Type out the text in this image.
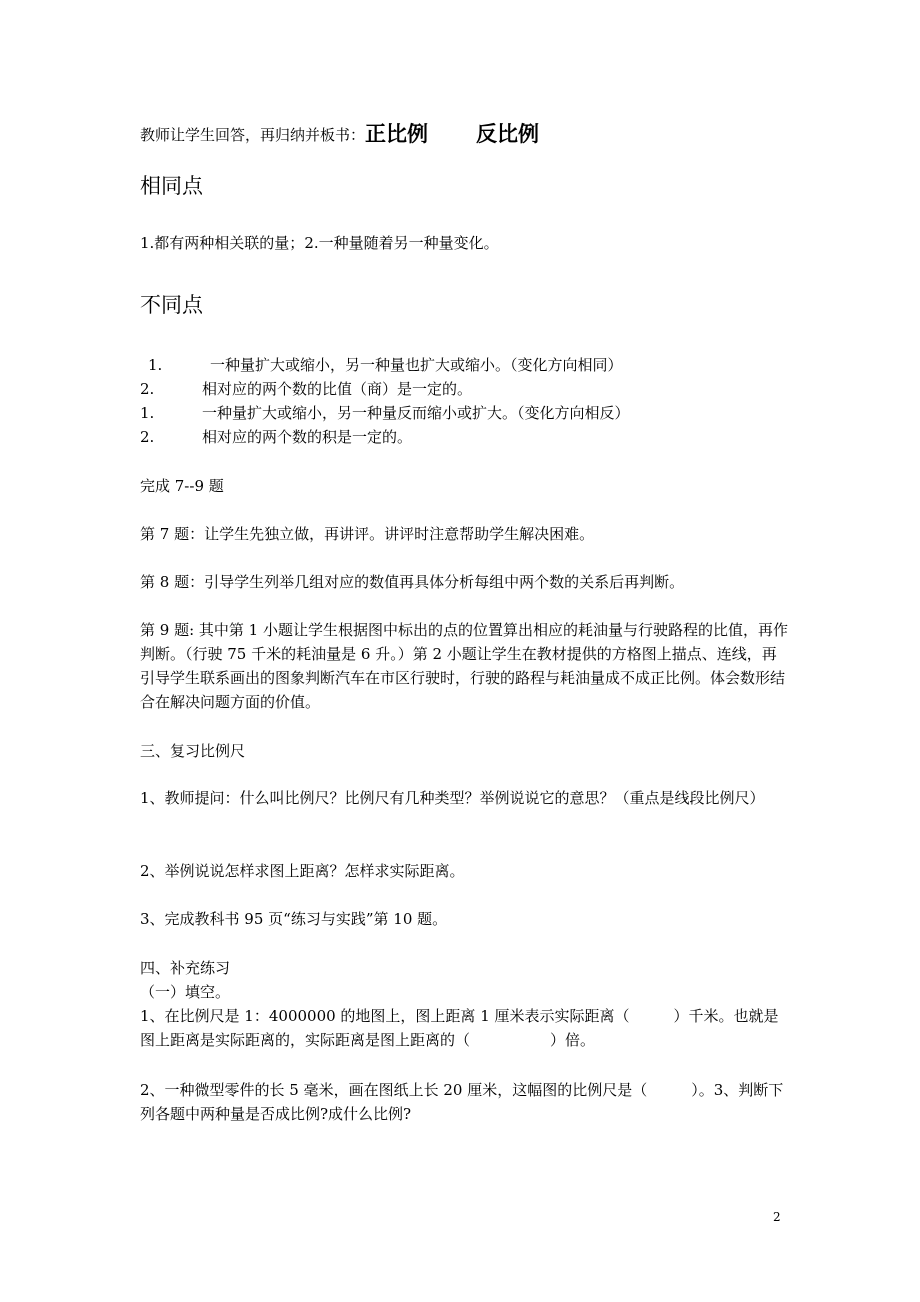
教师让学生回答，再归纳并板书：正比例 反比例
相同点
1.都有两种相关联的量；2.一种量随着另一种量变化。
不同点
1.	一种量扩大或缩小，另一种量也扩大或缩小。（变化方向相同）
2.	相对应的两个数的比值（商）是一定的。
1.	一种量扩大或缩小，另一种量反而缩小或扩大。（变化方向相反）
2.	相对应的两个数的积是一定的。
完成 7--9 题
第 7 题：让学生先独立做，再讲评。讲评时注意帮助学生解决困难。
第 8 题：引导学生列举几组对应的数值再具体分析每组中两个数的关系后再判断。
第 9 题: 其中第 1 小题让学生根据图中标出的点的位置算出相应的耗油量与行驶路程的比值，再作判断。（行驶 75 千米的耗油量是 6 升。）第 2 小题让学生在教材提供的方格图上描点、连线，再引导学生联系画出的图象判断汽车在市区行驶时，行驶的路程与耗油量成不成正比例。体会数形结合在解决问题方面的价值。
三、复习比例尺
1、教师提问：什么叫比例尺？比例尺有几种类型？举例说说它的意思？（重点是线段比例尺）
2、举例说说怎样求图上距离？怎样求实际距离。
3、完成教科书 95 页“练习与实践”第 10 题。
四、补充练习
（一）填空。
1、在比例尺是 1：4000000 的地图上，图上距离 1 厘米表示实际距离（	）千米。也就是图上距离是实际距离的，实际距离是图上距离的（	）倍。
2、一种微型零件的长 5 毫米，画在图纸上长 20 厘米，这幅图的比例尺是（	）。3、判断下列各题中两种量是否成比例?成什么比例?
2
